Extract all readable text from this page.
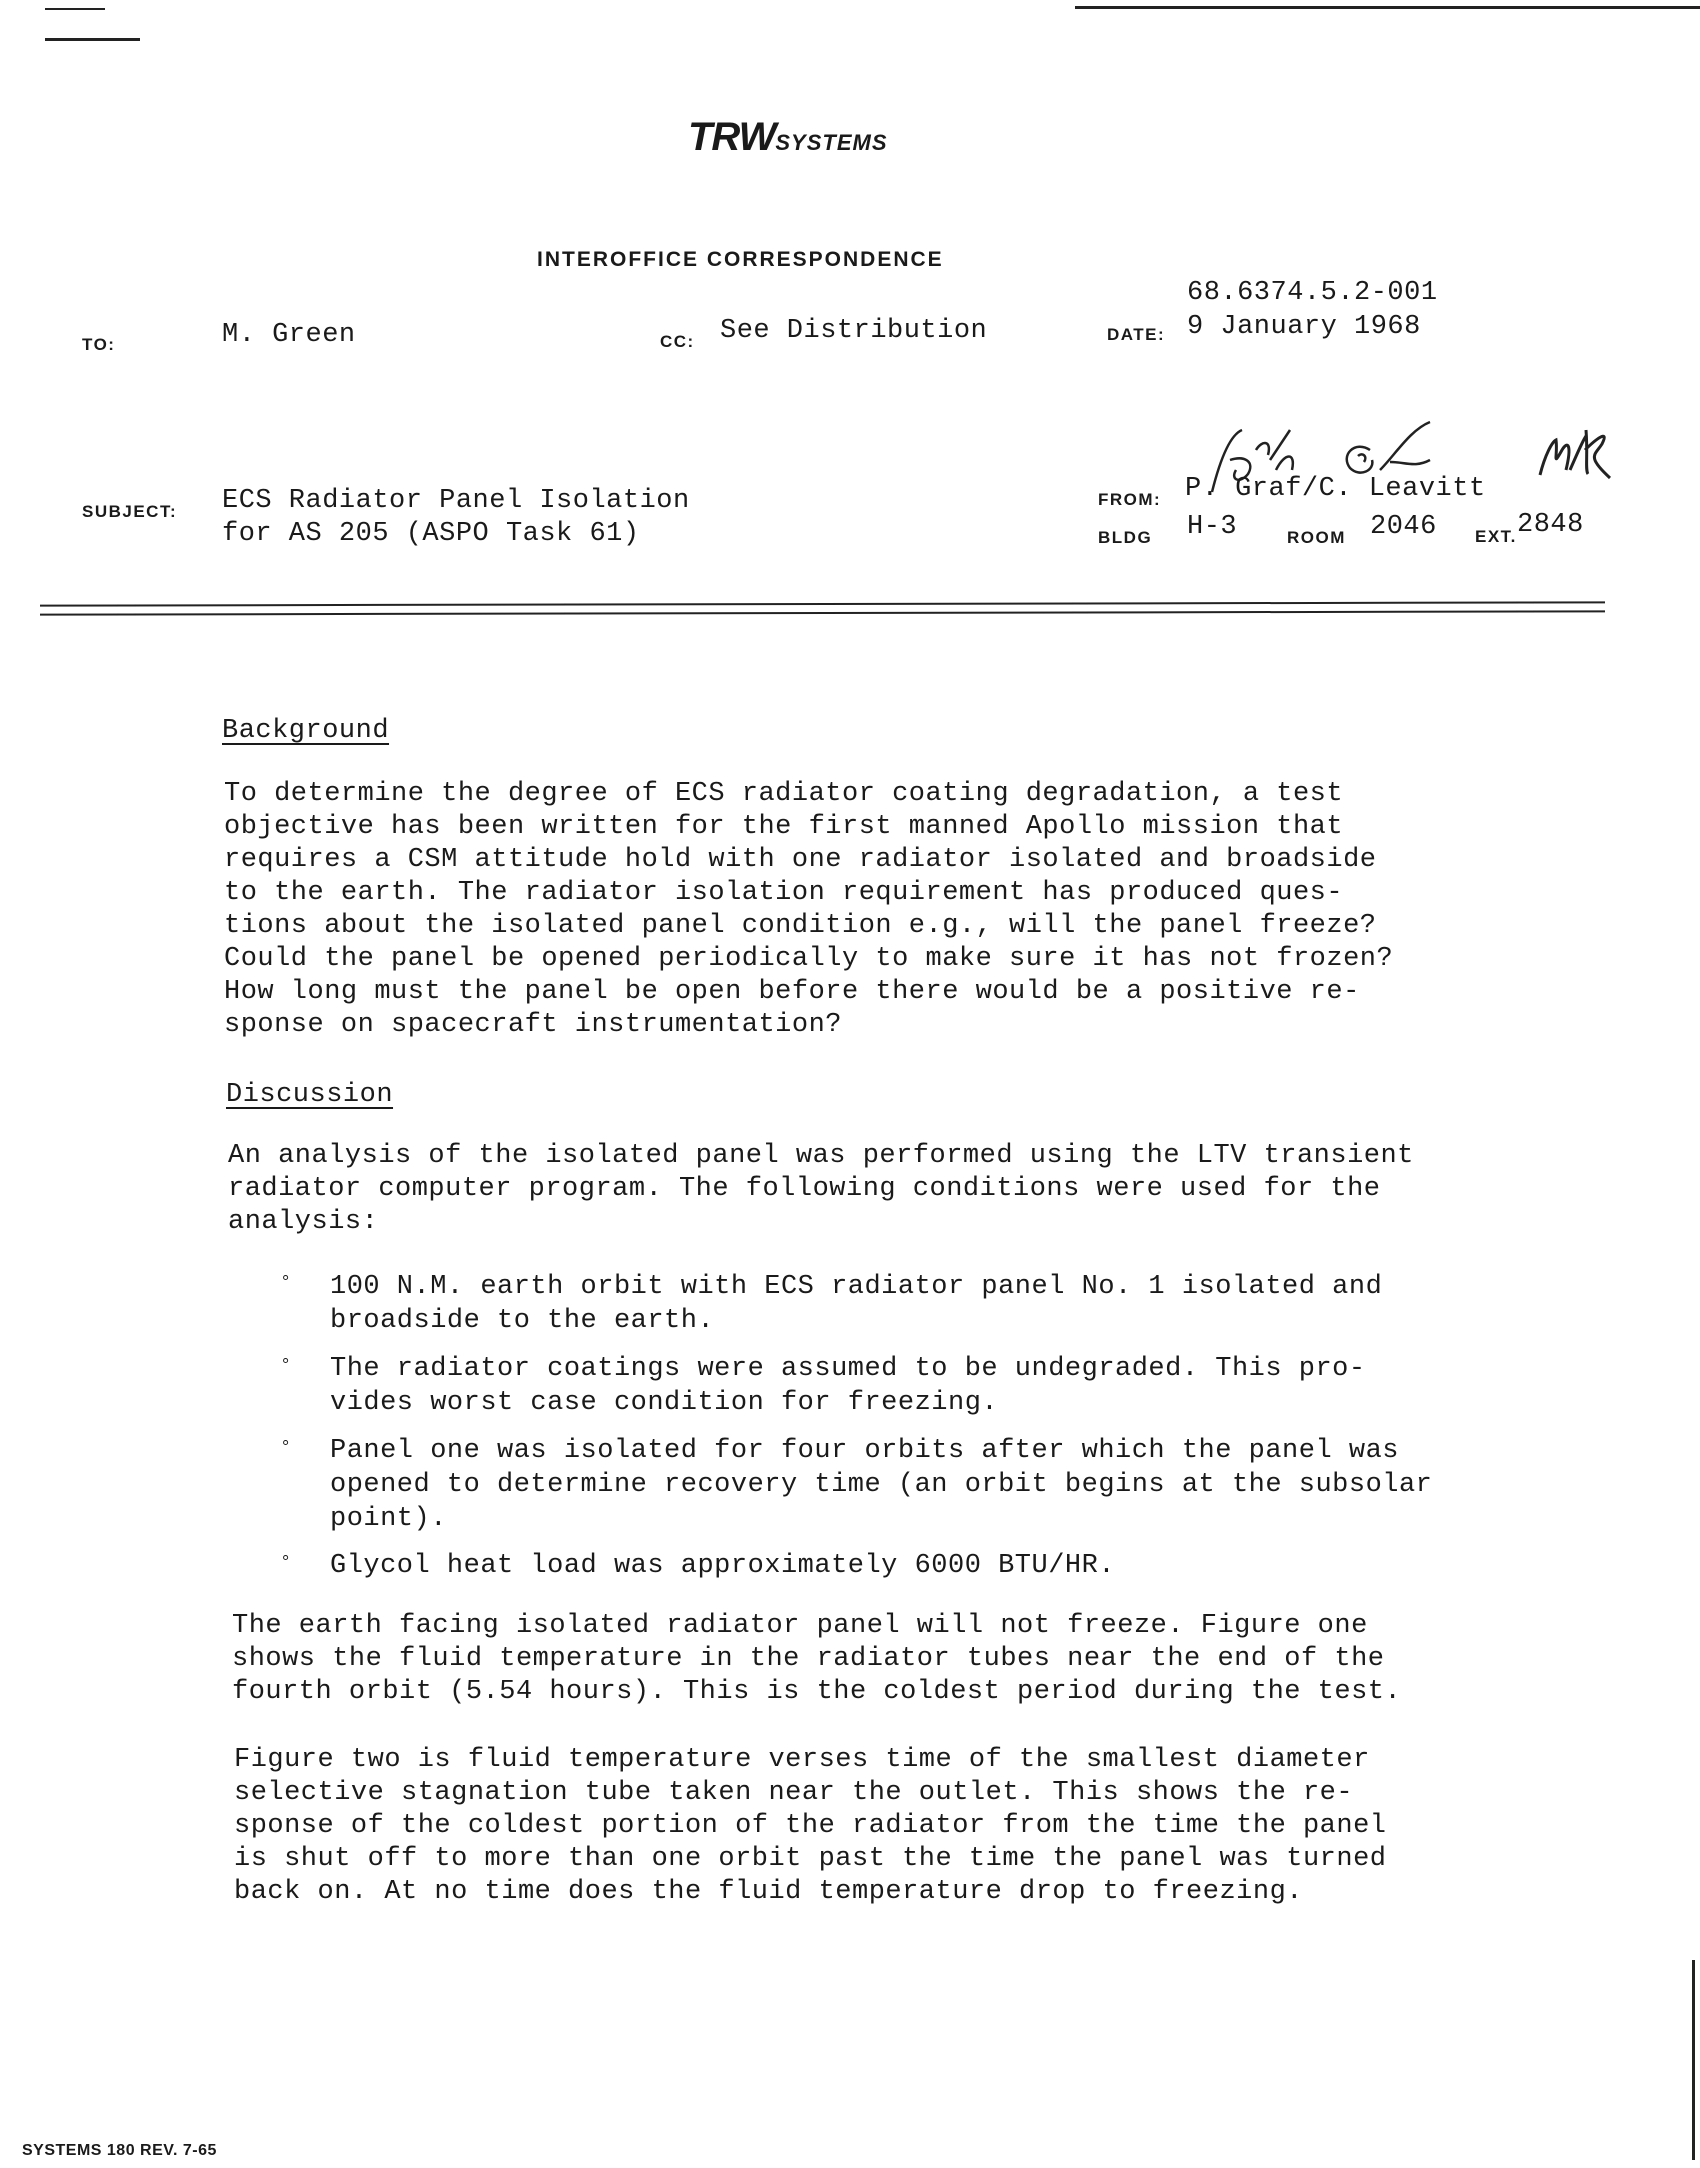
TRWSYSTEMS
INTEROFFICE CORRESPONDENCE
68.6374.5.2-001
TO:	M. Green	CC: See Distribution	DATE: 9 January 1968
SUBJECT: ECS Radiator Panel Isolation
for AS 205 (ASPO Task 61)
FROM: P. Graf/C. Leavitt
BLDG H-3	ROOM 2046 EXT. 2848
Background
To determine the degree of ECS radiator coating degradation, a test
objective has been written for the first manned Apollo mission that
requires a CSM attitude hold with one radiator isolated and broadside
to the earth. The radiator isolation requirement has produced ques-
tions about the isolated panel condition e.g., will the panel freeze?
Could the panel be opened periodically to make sure it has not frozen?
How long must the panel be open before there would be a positive re-
sponse on spacecraft instrumentation?
Discussion
An analysis of the isolated panel was performed using the LTV transient
radiator computer program. The following conditions were used for the
analysis:
° 100 N.M. earth orbit with ECS radiator panel No. 1 isolated and
broadside to the earth.
° The radiator coatings were assumed to be undegraded. This pro-
vides worst case condition for freezing.
° Panel one was isolated for four orbits after which the panel was
opened to determine recovery time (an orbit begins at the subsolar
point).
° Glycol heat load was approximately 6000 BTU/HR.
The earth facing isolated radiator panel will not freeze. Figure one
shows the fluid temperature in the radiator tubes near the end of the
fourth orbit (5.54 hours). This is the coldest period during the test.
Figure two is fluid temperature verses time of the smallest diameter
selective stagnation tube taken near the outlet. This shows the re-
sponse of the coldest portion of the radiator from the time the panel
is shut off to more than one orbit past the time the panel was turned
back on. At no time does the fluid temperature drop to freezing.
SYSTEMS 180 REV. 7-65
